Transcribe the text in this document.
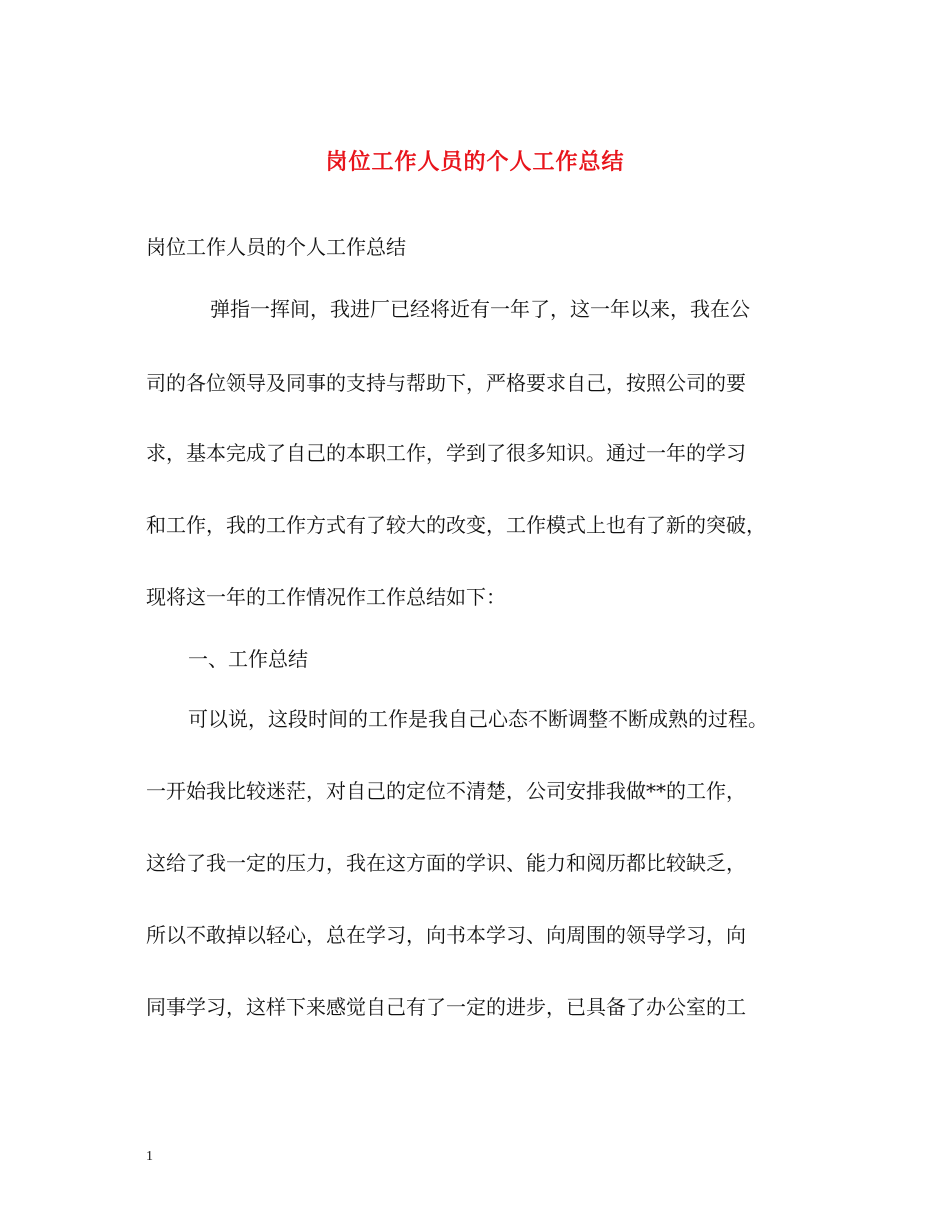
岗位工作人员的个人工作总结
岗位工作人员的个人工作总结
弹指一挥间，我进厂已经将近有一年了，这一年以来，我在公
司的各位领导及同事的支持与帮助下，严格要求自己，按照公司的要
求，基本完成了自己的本职工作，学到了很多知识。通过一年的学习
和工作，我的工作方式有了较大的改变，工作模式上也有了新的突破，
现将这一年的工作情况作工作总结如下：
一、工作总结
可以说，这段时间的工作是我自己心态不断调整不断成熟的过程。
一开始我比较迷茫，对自己的定位不清楚，公司安排我做**的工作，
这给了我一定的压力，我在这方面的学识、能力和阅历都比较缺乏，
所以不敢掉以轻心，总在学习，向书本学习、向周围的领导学习，向
同事学习，这样下来感觉自己有了一定的进步，已具备了办公室的工
1
